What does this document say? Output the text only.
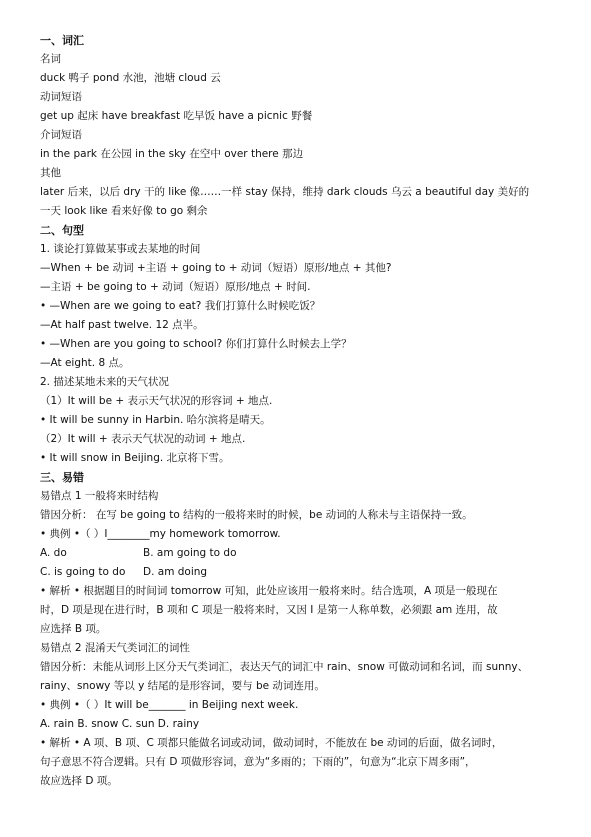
一、词汇
名词
duck 鸭子 pond 水池，池塘 cloud 云
动词短语
get up 起床 have breakfast 吃早饭 have a picnic 野餐
介词短语
in the park 在公园 in the sky 在空中 over there 那边
其他
later 后来，以后 dry 干的 like 像……一样 stay 保持，维持 dark clouds 乌云 a beautiful day 美好的
一天 look like 看来好像 to go 剩余
二、句型
1. 谈论打算做某事或去某地的时间
—When + be 动词 +主语 + going to + 动词（短语）原形/地点 + 其他?
—主语 + be going to + 动词（短语）原形/地点 + 时间.
• —When are we going to eat? 我们打算什么时候吃饭？
—At half past twelve. 12 点半。
• —When are you going to school? 你们打算什么时候去上学？
—At eight. 8 点。
2. 描述某地未来的天气状况
（1）It will be + 表示天气状况的形容词 + 地点.
• It will be sunny in Harbin. 哈尔滨将是晴天。
（2）It will + 表示天气状况的动词 + 地点.
• It will snow in Beijing. 北京将下雪。
三、易错
易错点 1 一般将来时结构
错因分析： 在写 be going to 结构的一般将来时的时候，be 动词的人称未与主语保持一致。
• 典例 •（ ）I________my homework tomorrow.
A. do	B. am going to do
C. is going to do	D. am doing
• 解析 • 根据题目的时间词 tomorrow 可知，此处应该用一般将来时。结合选项，A 项是一般现在
时，D 项是现在进行时，B 项和 C 项是一般将来时，又因 I 是第一人称单数，必须跟 am 连用，故
应选择 B 项。
易错点 2 混淆天气类词汇的词性
错因分析：未能从词形上区分天气类词汇，表达天气的词汇中 rain、snow 可做动词和名词，而 sunny、
rainy、snowy 等以 y 结尾的是形容词，要与 be 动词连用。
• 典例 •（ ）It will be_______ in Beijing next week.
A. rain B. snow C. sun D. rainy
• 解析 • A 项、B 项、C 项都只能做名词或动词，做动词时，不能放在 be 动词的后面，做名词时，
句子意思不符合逻辑。只有 D 项做形容词，意为“多雨的；下雨的”，句意为“北京下周多雨”，
故应选择 D 项。
